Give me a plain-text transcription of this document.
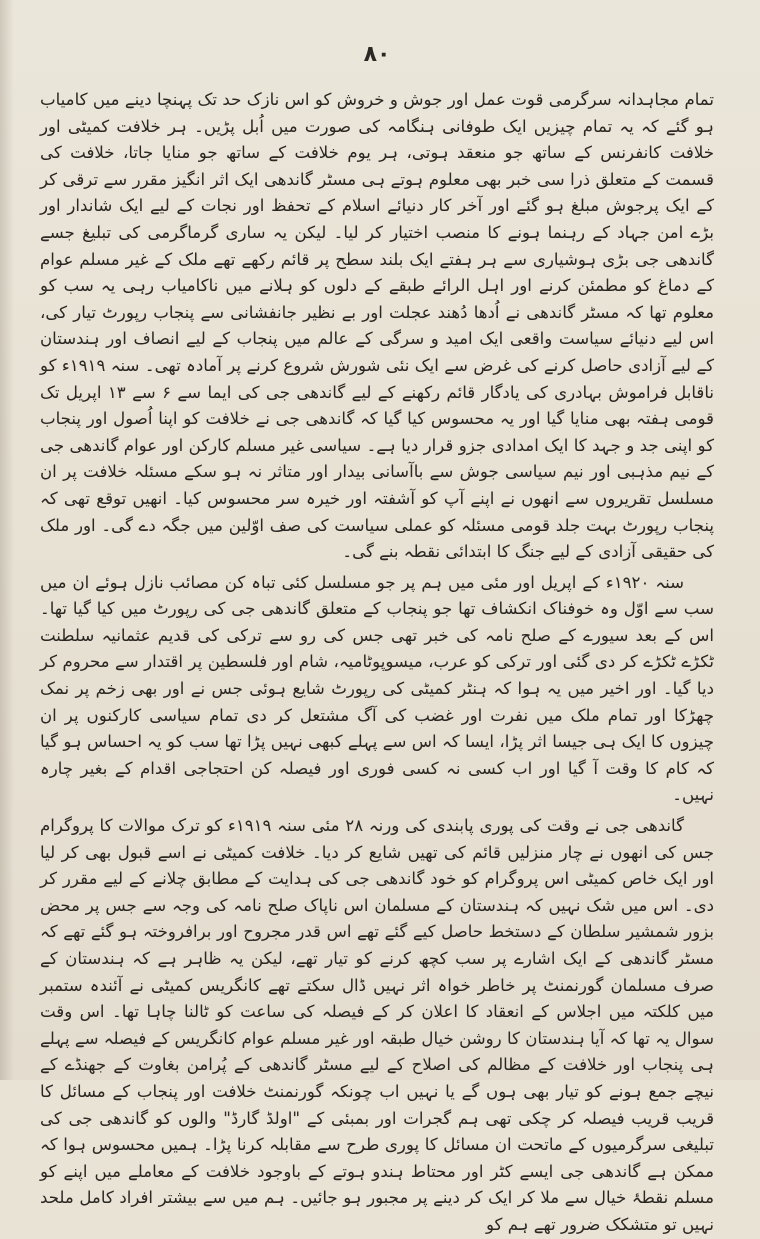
۸۰

تمام مجاہدانہ سرگرمی قوت عمل اور جوش و خروش کو اس نازک حد تک پہنچا دینے میں کامیاب ہو گئے کہ یہ تمام چیزیں ایک طوفانی ہنگامہ کی صورت میں اُبل پڑیں۔ ہر خلافت کمیٹی اور خلافت کانفرنس کے ساتھ جو منعقد ہوتی، ہر یوم خلافت کے ساتھ جو منایا جاتا، خلافت کی قسمت کے متعلق ذرا سی خبر بھی معلوم ہوتے ہی مسٹر گاندھی ایک اثر انگیز مقرر سے ترقی کر کے ایک پرجوش مبلغ ہو گئے اور آخر کار دنیائے اسلام کے تحفظ اور نجات کے لیے ایک شاندار اور بڑے امن جہاد کے رہنما ہونے کا منصب اختیار کر لیا۔ لیکن یہ ساری گرماگرمی کی تبلیغ جسے گاندھی جی بڑی ہوشیاری سے ہر ہفتے ایک بلند سطح پر قائم رکھے تھے ملک کے غیر مسلم عوام کے دماغ کو مطمئن کرنے اور اہل الرائے طبقے کے دلوں کو ہلانے میں ناکامیاب رہی یہ سب کو معلوم تھا کہ مسٹر گاندھی نے اُدھا دُھند عجلت اور بے نظیر جانفشانی سے پنجاب رپورٹ تیار کی، اس لیے دنیائے سیاست واقعی ایک امید و سرگی کے عالم میں پنجاب کے لیے انصاف اور ہندستان کے لیے آزادی حاصل کرنے کی غرض سے ایک نئی شورش شروع کرنے پر آمادہ تھی۔ سنہ ۱۹۱۹ء کو ناقابل فراموش بہادری کی یادگار قائم رکھنے کے لیے گاندھی جی کی ایما سے ۶ سے ۱۳ اپریل تک قومی ہفتہ بھی منایا گیا اور یہ محسوس کیا گیا کہ گاندھی جی نے خلافت کو اپنا اُصول اور پنجاب کو اپنی جد و جہد کا ایک امدادی جزو قرار دیا ہے۔ سیاسی غیر مسلم کارکن اور عوام گاندھی جی کے نیم مذہبی اور نیم سیاسی جوش سے باآسانی بیدار اور متاثر نہ ہو سکے مسئلہ خلافت پر ان مسلسل تقریروں سے انھوں نے اپنے آپ کو آشفتہ اور خیرہ سر محسوس کیا۔ انھیں توقع تھی کہ پنجاب رپورٹ بہت جلد قومی مسئلہ کو عملی سیاست کی صف اوّلین میں جگہ دے گی۔ اور ملک کی حقیقی آزادی کے لیے جنگ کا ابتدائی نقطہ بنے گی۔

سنہ ۱۹۲۰ء کے اپریل اور مئی میں ہم پر جو مسلسل کئی تباہ کن مصائب نازل ہوئے ان میں سب سے اوّل وہ خوفناک انکشاف تھا جو پنجاب کے متعلق گاندھی جی کی رپورٹ میں کیا گیا تھا۔ اس کے بعد سیورے کے صلح نامہ کی خبر تھی جس کی رو سے ترکی کی قدیم عثمانیہ سلطنت ٹکڑے ٹکڑے کر دی گئی اور ترکی کو عرب، میسوپوٹامیہ، شام اور فلسطین پر اقتدار سے محروم کر دیا گیا۔ اور اخیر میں یہ ہوا کہ ہنٹر کمیٹی کی رپورٹ شایع ہوئی جس نے اور بھی زخم پر نمک چھڑکا اور تمام ملک میں نفرت اور غضب کی آگ مشتعل کر دی تمام سیاسی کارکنوں پر ان چیزوں کا ایک ہی جیسا اثر پڑا، ایسا کہ اس سے پہلے کبھی نہیں پڑا تھا سب کو یہ احساس ہو گیا کہ کام کا وقت آ گیا اور اب کسی نہ کسی فوری اور فیصلہ کن احتجاجی اقدام کے بغیر چارہ نہیں۔

گاندھی جی نے وقت کی پوری پابندی کی ورنہ ۲۸ مئی سنہ ۱۹۱۹ء کو ترک موالات کا پروگرام جس کی انھوں نے چار منزلیں قائم کی تھیں شایع کر دیا۔ خلافت کمیٹی نے اسے قبول بھی کر لیا اور ایک خاص کمیٹی اس پروگرام کو خود گاندھی جی کی ہدایت کے مطابق چلانے کے لیے مقرر کر دی۔ اس میں شک نہیں کہ ہندستان کے مسلمان اس ناپاک صلح نامہ کی وجہ سے جس پر محض بزور شمشیر سلطان کے دستخط حاصل کیے گئے تھے اس قدر مجروح اور برافروختہ ہو گئے تھے کہ مسٹر گاندھی کے ایک اشارے پر سب کچھ کرنے کو تیار تھے، لیکن یہ ظاہر ہے کہ ہندستان کے صرف مسلمان گورنمنٹ پر خاطر خواہ اثر نہیں ڈال سکتے تھے کانگریس کمیٹی نے آئندہ ستمبر میں کلکتہ میں اجلاس کے انعقاد کا اعلان کر کے فیصلہ کی ساعت کو ٹالنا چاہا تھا۔ اس وقت سوال یہ تھا کہ آیا ہندستان کا روشن خیال طبقہ اور غیر مسلم عوام کانگریس کے فیصلہ سے پہلے ہی پنجاب اور خلافت کے مظالم کی اصلاح کے لیے مسٹر گاندھی کے پُرامن بغاوت کے جھنڈے کے نیچے جمع ہونے کو تیار بھی ہوں گے یا نہیں اب چونکہ گورنمنٹ خلافت اور پنجاب کے مسائل کا قریب قریب فیصلہ کر چکی تھی ہم گجرات اور بمبئی کے "اولڈ گارڈ" والوں کو گاندھی جی کی تبلیغی سرگرمیوں کے ماتحت ان مسائل کا پوری طرح سے مقابلہ کرنا پڑا۔ ہمیں محسوس ہوا کہ ممکن ہے گاندھی جی ایسے کٹر اور محتاط ہندو ہوتے کے باوجود خلافت کے معاملے میں اپنے کو مسلم نقطۂ خیال سے ملا کر ایک کر دینے پر مجبور ہو جائیں۔ ہم میں سے بیشتر افراد کامل ملحد نہیں تو متشکک ضرور تھے ہم کو
